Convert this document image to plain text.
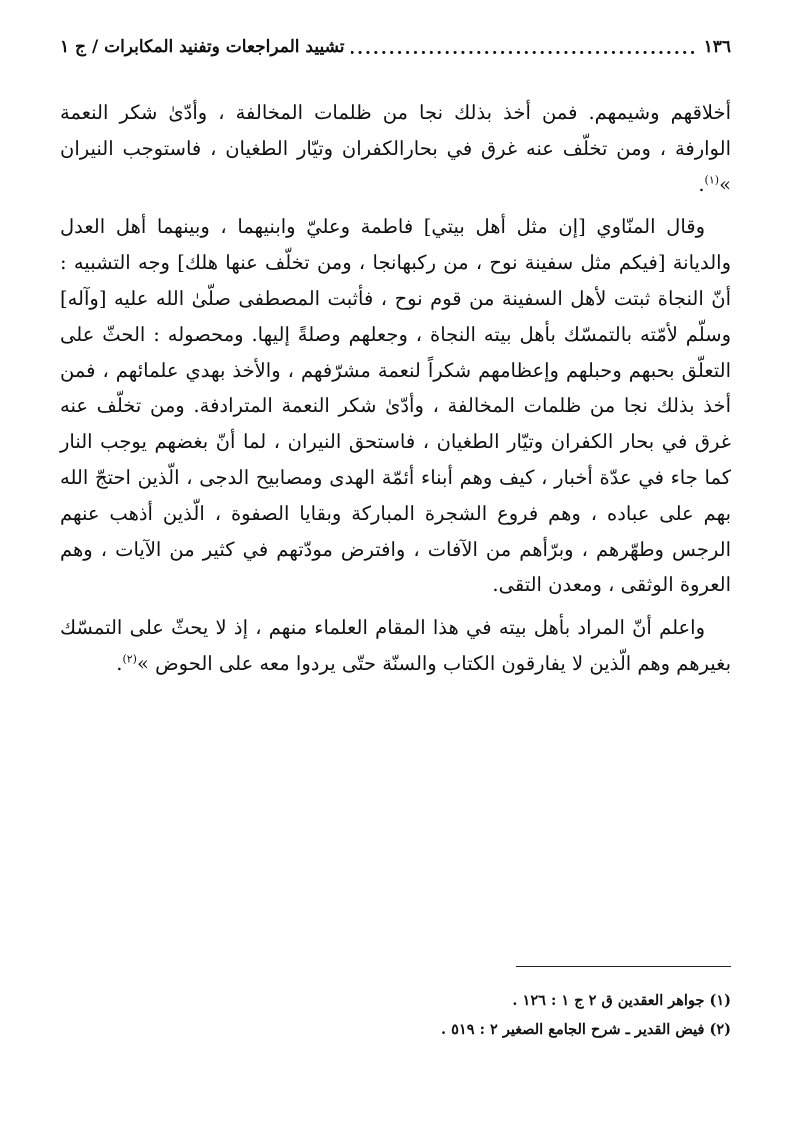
١٣٦
.....
تشييد المراجعات وتفنيد المكابرات / ج ١

أخلاقهم وشيمهم. فمن أخذ بذلك نجا من ظلمات المخالفة ، وأدّىٰ شكر النعمة الوارفة ، ومن تخلّف عنه غرق في بحارالكفران وتيّار الطغيان ، فاستوجب النيران »$^{(١)}$.

وقال المنّاوي [إن مثل أهل بيتي] فاطمة وعليّ وابنيهما ، وبينهما أهل العدل والديانة [فيكم مثل سفينة نوح ، من ركبهانجا ، ومن تخلّف عنها هلك] وجه التشبيه : أنّ النجاة ثبتت لأهل السفينة من قوم نوح ، فأثبت المصطفى صلّىٰ الله عليه [وآله] وسلّم لأمّته بالتمسّك بأهل بيته النجاة ، وجعلهم وصلةً إليها. ومحصوله : الحثّ على التعلّق بحبهم وحبلهم وإعظامهم شكراً لنعمة مشرّفهم ، والأخذ بهدي علمائهم ، فمن أخذ بذلك نجا من ظلمات المخالفة ، وأدّىٰ شكر النعمة المترادفة. ومن تخلّف عنه غرق في بحار الكفران وتيّار الطغيان ، فاستحق النيران ، لما أنّ بغضهم يوجب النار كما جاء في عدّة أخبار ، كيف وهم أبناء أئمّة الهدى ومصابيح الدجى ، الّذين احتجّ الله بهم على عباده ، وهم فروع الشجرة المباركة وبقايا الصفوة ، الّذين أذهب عنهم الرجس وطهّرهم ، وبرّأهم من الآفات ، وافترض مودّتهم في كثير من الآيات ، وهم العروة الوثقى ، ومعدن التقى.

واعلم أنّ المراد بأهل بيته في هذا المقام العلماء منهم ، إذ لا يحثّ على التمسّك بغيرهم وهم الّذين لا يفارقون الكتاب والسنّة حتّى يردوا معه على الحوض »$^{(٢)}$.

(١) جواهر العقدين ق ٢ ج ١ : ١٢٦ .
(٢) فيض القدير ـ شرح الجامع الصغير ٢ : ٥١٩ .
